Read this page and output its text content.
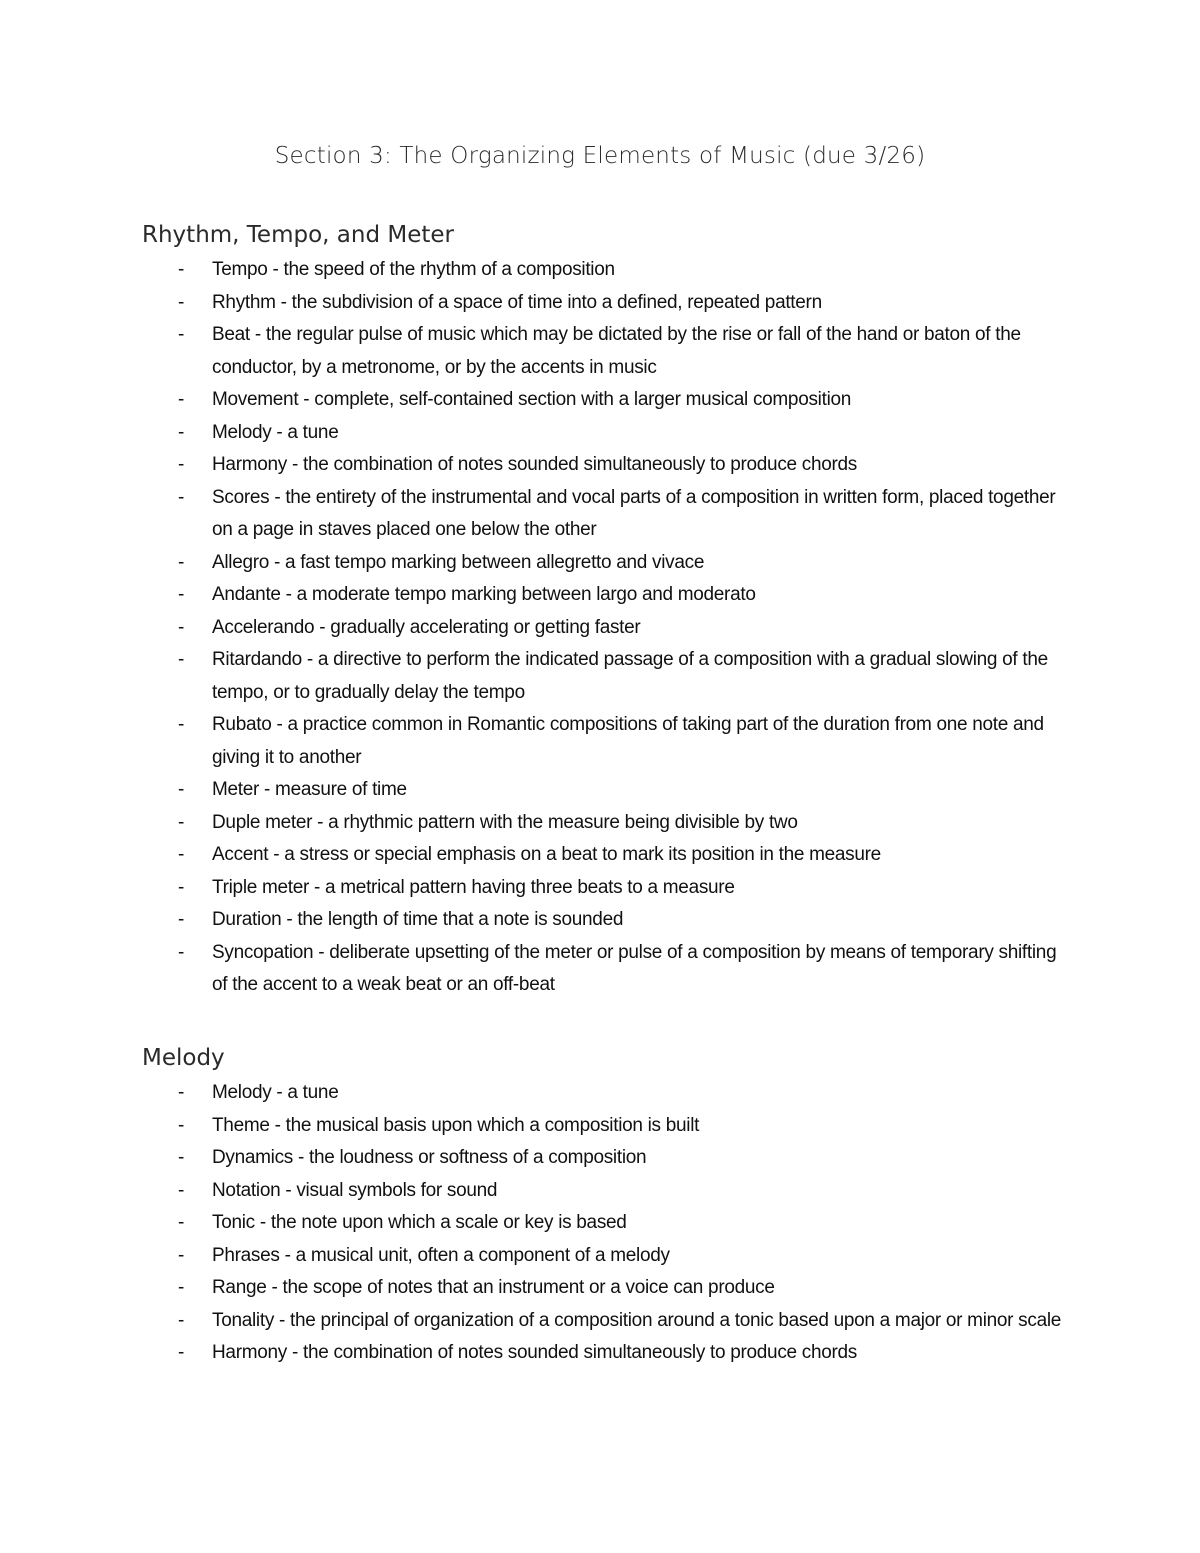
Section 3: The Organizing Elements of Music (due 3/26)
Rhythm, Tempo, and Meter
- Tempo - the speed of the rhythm of a composition
- Rhythm - the subdivision of a space of time into a defined, repeated pattern
- Beat - the regular pulse of music which may be dictated by the rise or fall of the hand or baton of the conductor, by a metronome, or by the accents in music
- Movement - complete, self-contained section with a larger musical composition
- Melody - a tune
- Harmony - the combination of notes sounded simultaneously to produce chords
- Scores - the entirety of the instrumental and vocal parts of a composition in written form, placed together on a page in staves placed one below the other
- Allegro - a fast tempo marking between allegretto and vivace
- Andante - a moderate tempo marking between largo and moderato
- Accelerando - gradually accelerating or getting faster
- Ritardando - a directive to perform the indicated passage of a composition with a gradual slowing of the tempo, or to gradually delay the tempo
- Rubato - a practice common in Romantic compositions of taking part of the duration from one note and giving it to another
- Meter - measure of time
- Duple meter - a rhythmic pattern with the measure being divisible by two
- Accent - a stress or special emphasis on a beat to mark its position in the measure
- Triple meter - a metrical pattern having three beats to a measure
- Duration - the length of time that a note is sounded
- Syncopation - deliberate upsetting of the meter or pulse of a composition by means of temporary shifting of the accent to a weak beat or an off-beat
Melody
- Melody - a tune
- Theme - the musical basis upon which a composition is built
- Dynamics - the loudness or softness of a composition
- Notation - visual symbols for sound
- Tonic - the note upon which a scale or key is based
- Phrases - a musical unit, often a component of a melody
- Range - the scope of notes that an instrument or a voice can produce
- Tonality - the principal of organization of a composition around a tonic based upon a major or minor scale
- Harmony - the combination of notes sounded simultaneously to produce chords
